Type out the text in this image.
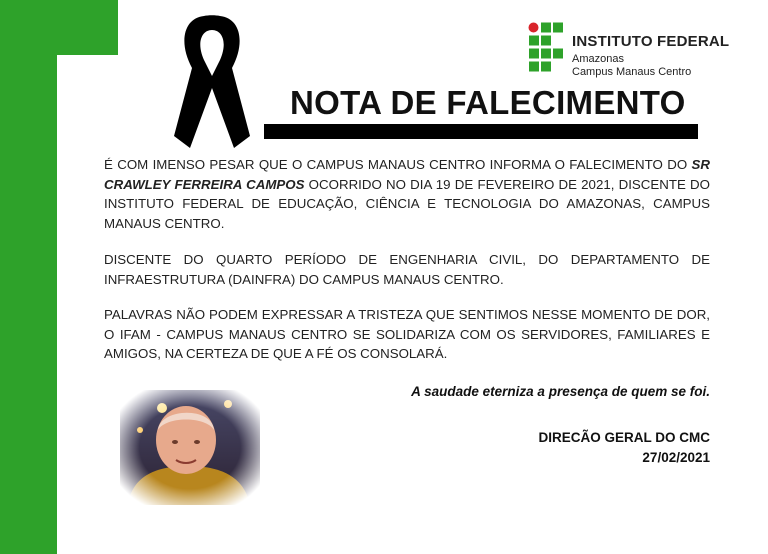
INSTITUTO FEDERAL
Amazonas
Campus Manaus Centro
NOTA DE FALECIMENTO
É COM IMENSO PESAR QUE O CAMPUS MANAUS CENTRO INFORMA O FALECIMENTO DO SR CRAWLEY FERREIRA CAMPOS OCORRIDO NO DIA 19 DE FEVEREIRO DE 2021, DISCENTE DO INSTITUTO FEDERAL DE EDUCAÇÃO, CIÊNCIA E TECNOLOGIA DO AMAZONAS, CAMPUS MANAUS CENTRO.
DISCENTE DO QUARTO PERÍODO DE ENGENHARIA CIVIL, DO DEPARTAMENTO DE INFRAESTRUTURA (DAINFRA) DO CAMPUS MANAUS CENTRO.
PALAVRAS NÃO PODEM EXPRESSAR A TRISTEZA QUE SENTIMOS NESSE MOMENTO DE DOR, O IFAM - CAMPUS MANAUS CENTRO SE SOLIDARIZA COM OS SERVIDORES, FAMILIARES E AMIGOS, NA CERTEZA DE QUE A FÉ OS CONSOLARÁ.
A saudade eterniza a presença de quem se foi.
DIRECÃO GERAL DO CMC
27/02/2021
